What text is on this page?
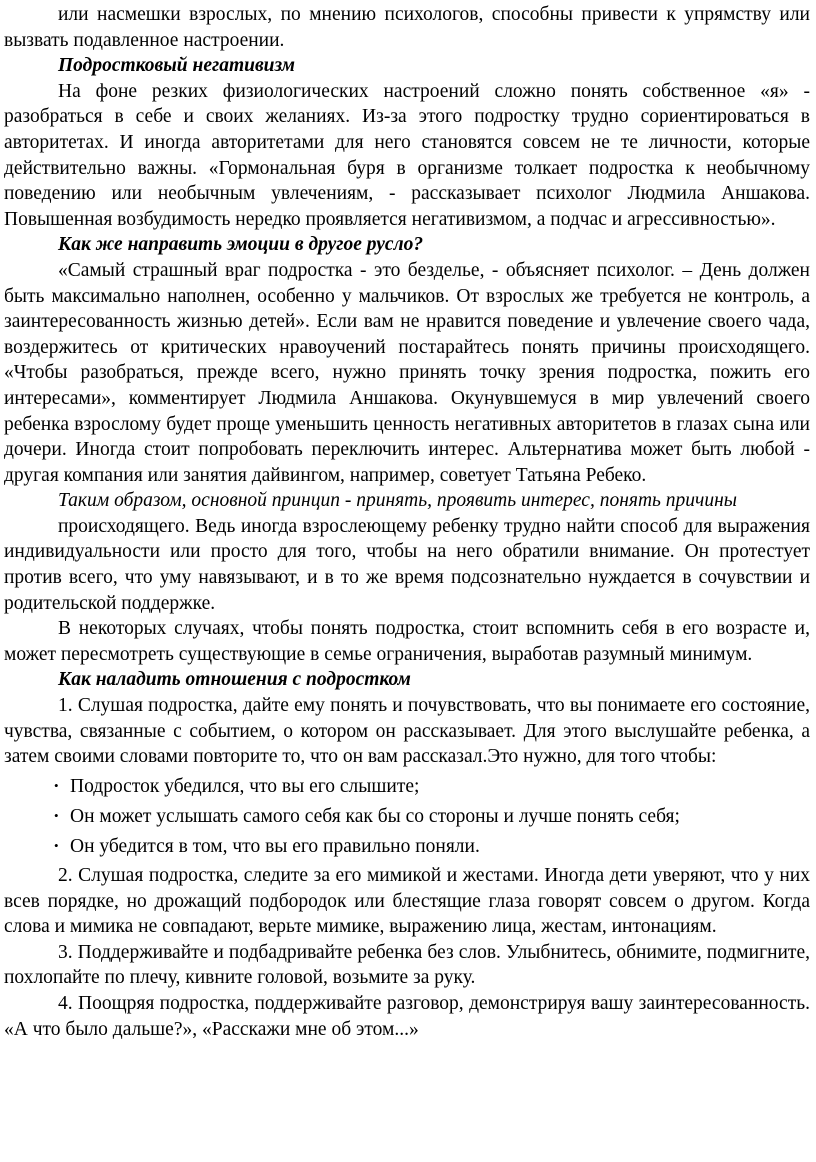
или насмешки взрослых, по мнению психологов, способны привести к упрямству или вызвать подавленное настроении.

Подростковый негативизм

На фоне резких физиологических настроений сложно понять собственное «я» - разобраться в себе и своих желаниях. Из-за этого подростку трудно сориентироваться в авторитетах. И иногда авторитетами для него становятся совсем не те личности, которые действительно важны. «Гормональная буря в организме толкает подростка к необычному поведению или необычным увлечениям, - рассказывает психолог Людмила Аншакова. Повышенная возбудимость нередко проявляется негативизмом, а подчас и агрессивностью».

Как же направить эмоции в другое русло?

«Самый страшный враг подростка - это безделье, - объясняет психолог. – День должен быть максимально наполнен, особенно у мальчиков. От взрослых же требуется не контроль, а заинтересованность жизнью детей». Если вам не нравится поведение и увлечение своего чада, воздержитесь от критических нравоучений постарайтесь понять причины происходящего. «Чтобы разобраться, прежде всего, нужно принять точку зрения подростка, пожить его интересами», комментирует Людмила Аншакова. Окунувшемуся в мир увлечений своего ребенка взрослому будет проще уменьшить ценность негативных авторитетов в глазах сына или дочери. Иногда стоит попробовать переключить интерес. Альтернатива может быть любой - другая компания или занятия дайвингом, например, советует Татьяна Ребеко.

Таким образом, основной принцип - принять, проявить интерес, понять причины

происходящего. Ведь иногда взрослеющему ребенку трудно найти способ для выражения индивидуальности или просто для того, чтобы на него обратили внимание. Он протестует против всего, что уму навязывают, и в то же время подсознательно нуждается в сочувствии и родительской поддержке.

В некоторых случаях, чтобы понять подростка, стоит вспомнить себя в его возрасте и, может пересмотреть существующие в семье ограничения, выработав разумный минимум.

Как наладить отношения с подростком

1. Слушая подростка, дайте ему понять и почувствовать, что вы понимаете его состояние, чувства, связанные с событием, о котором он рассказывает. Для этого выслушайте ребенка, а затем своими словами повторите то, что он вам рассказал.Это нужно, для того чтобы:

• Подросток убедился, что вы его слышите;
• Он может услышать самого себя как бы со стороны и лучше понять себя;
• Он убедится в том, что вы его правильно поняли.

2. Слушая подростка, следите за его мимикой и жестами. Иногда дети уверяют, что у них всев порядке, но дрожащий подбородок или блестящие глаза говорят совсем о другом. Когда слова и мимика не совпадают, верьте мимике, выражению лица, жестам, интонациям.

3. Поддерживайте и подбадривайте ребенка без слов. Улыбнитесь, обнимите, подмигните, похлопайте по плечу, кивните головой, возьмите за руку.

4. Поощряя подростка, поддерживайте разговор, демонстрируя вашу заинтересованность. «А что было дальше?», «Расскажи мне об этом...»
